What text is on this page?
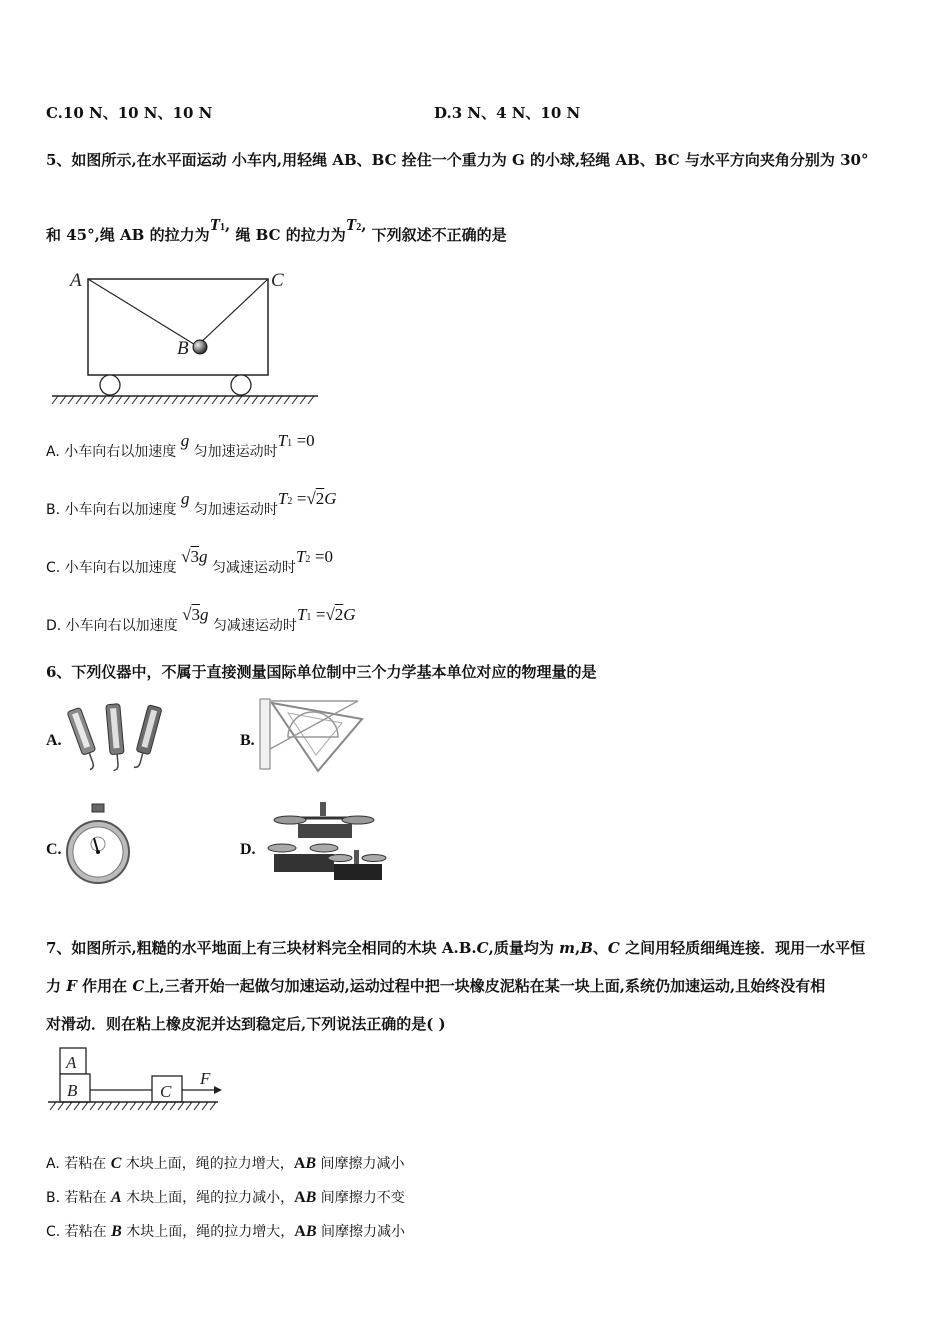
C.10 N、10 N、10 N	D.3 N、4 N、10 N
5、如图所示,在水平面运动 小车内,用轻绳 AB、BC 拴住一个重力为 G 的小球,轻绳 AB、BC 与水平方向夹角分别为 30°
和 45°,绳 AB 的拉力为T1, 绳 BC 的拉力为T2, 下列叙述不正确的是
A	C
B
A. 小车向右以加速度 g 匀加速运动时T1 =0
B. 小车向右以加速度 g 匀加速运动时T2 =√2G
C. 小车向右以加速度 √3g 匀减速运动时T2 =0
D. 小车向右以加速度 √3g 匀减速运动时T1 =√2G
6、下列仪器中，不属于直接测量国际单位制中三个力学基本单位对应的物理量的是
A.	B.
C.	D.
7、如图所示,粗糙的水平地面上有三块材料完全相同的木块 A.B.C,质量均为 m,B、C 之间用轻质细绳连接．现用一水平恒
力 F 作用在 C上,三者开始一起做匀加速运动,运动过程中把一块橡皮泥粘在某一块上面,系统仍加速运动,且始终没有相
对滑动．则在粘上橡皮泥并达到稳定后,下列说法正确的是( )
A
B	C
F
A. 若粘在 C 木块上面，绳的拉力增大，AB 间摩擦力减小
B. 若粘在 A 木块上面，绳的拉力减小，AB 间摩擦力不变
C. 若粘在 B 木块上面，绳的拉力增大，AB 间摩擦力减小
